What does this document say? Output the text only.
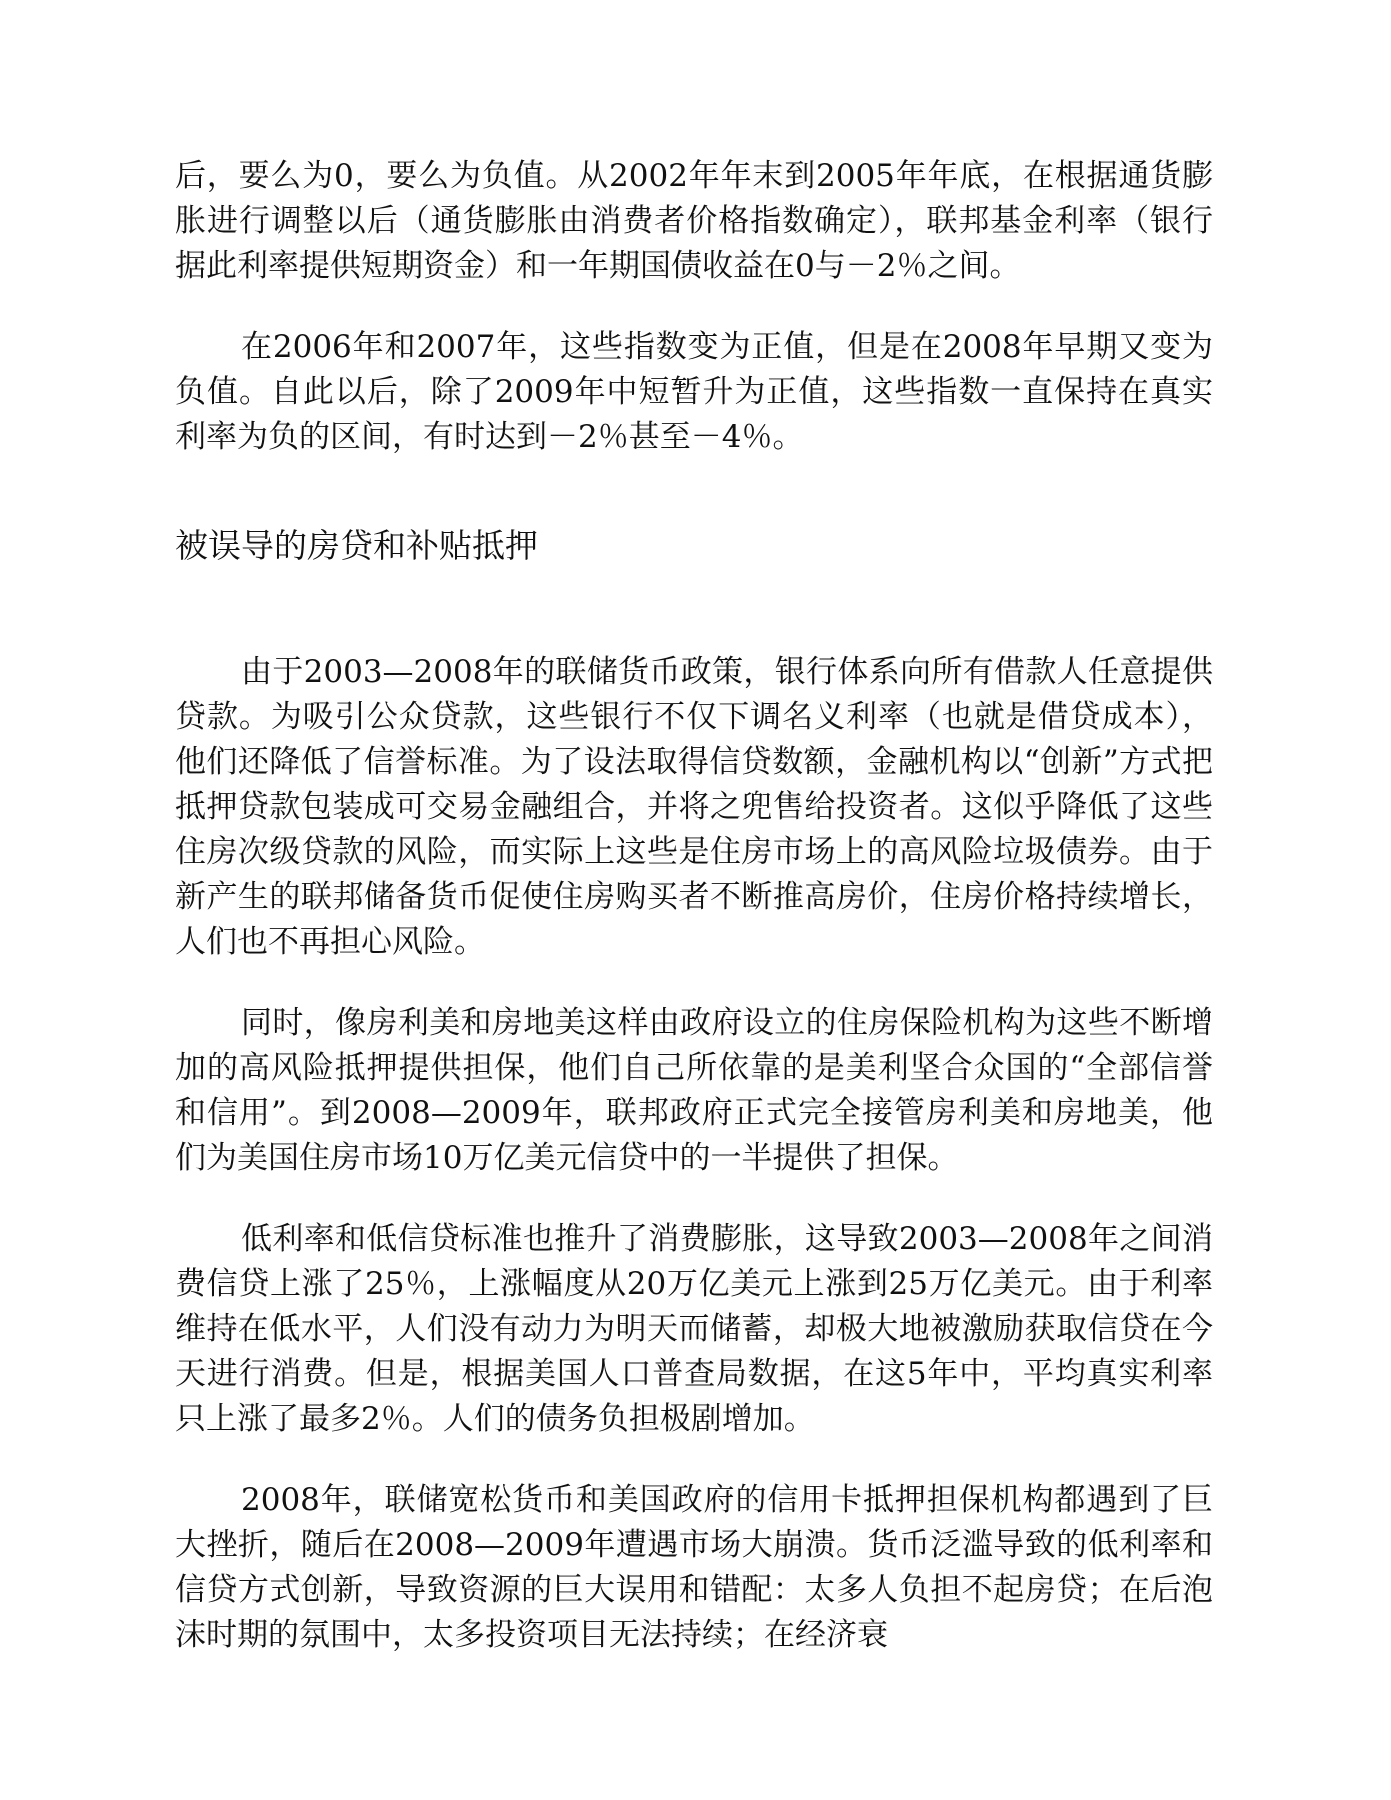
后，要么为0，要么为负值。从2002年年末到2005年年底，在根据通货膨胀进行调整以后（通货膨胀由消费者价格指数确定），联邦基金利率（银行据此利率提供短期资金）和一年期国债收益在0与－2％之间。

在2006年和2007年，这些指数变为正值，但是在2008年早期又变为负值。自此以后，除了2009年中短暂升为正值，这些指数一直保持在真实利率为负的区间，有时达到－2％甚至－4％。

被误导的房贷和补贴抵押

由于2003—2008年的联储货币政策，银行体系向所有借款人任意提供贷款。为吸引公众贷款，这些银行不仅下调名义利率（也就是借贷成本），他们还降低了信誉标准。为了设法取得信贷数额，金融机构以“创新”方式把抵押贷款包装成可交易金融组合，并将之兜售给投资者。这似乎降低了这些住房次级贷款的风险，而实际上这些是住房市场上的高风险垃圾债券。由于新产生的联邦储备货币促使住房购买者不断推高房价，住房价格持续增长，人们也不再担心风险。

同时，像房利美和房地美这样由政府设立的住房保险机构为这些不断增加的高风险抵押提供担保，他们自己所依靠的是美利坚合众国的“全部信誉和信用”。到2008—2009年，联邦政府正式完全接管房利美和房地美，他们为美国住房市场10万亿美元信贷中的一半提供了担保。

低利率和低信贷标准也推升了消费膨胀，这导致2003—2008年之间消费信贷上涨了25％，上涨幅度从20万亿美元上涨到25万亿美元。由于利率维持在低水平，人们没有动力为明天而储蓄，却极大地被激励获取信贷在今天进行消费。但是，根据美国人口普查局数据，在这5年中，平均真实利率只上涨了最多2％。人们的债务负担极剧增加。

2008年，联储宽松货币和美国政府的信用卡抵押担保机构都遇到了巨大挫折，随后在2008—2009年遭遇市场大崩溃。货币泛滥导致的低利率和信贷方式创新，导致资源的巨大误用和错配：太多人负担不起房贷；在后泡沫时期的氛围中，太多投资项目无法持续；在经济衰
